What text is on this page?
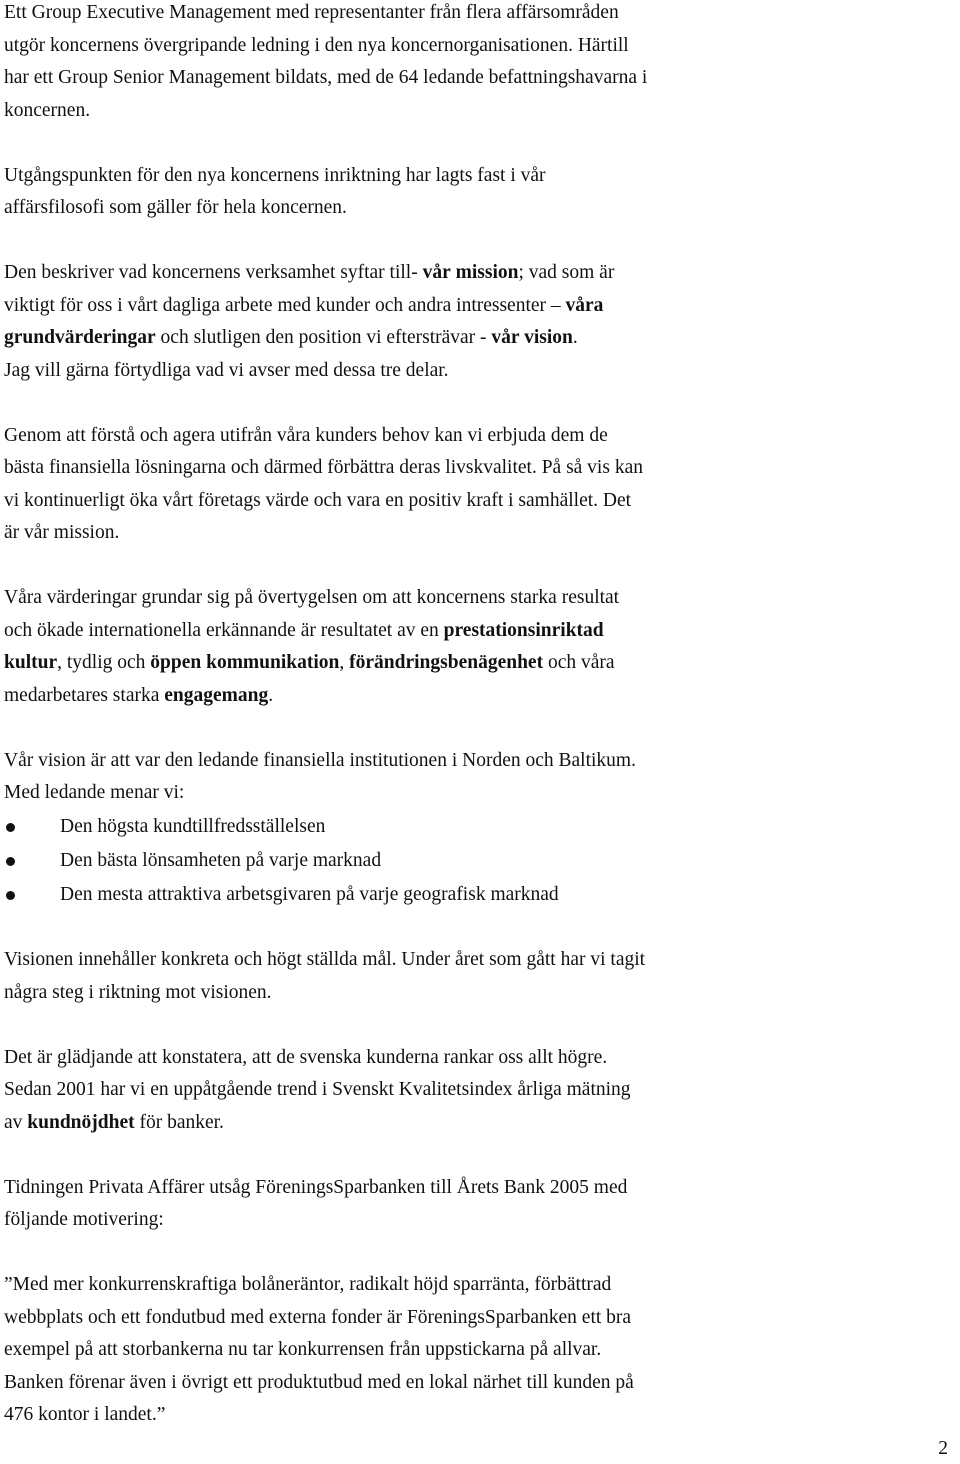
Ett Group Executive Management med representanter från flera affärsområden
utgör koncernens övergripande ledning i den nya koncernorganisationen. Härtill
har ett Group Senior Management bildats, med de 64 ledande befattningshavarna i
koncernen.

Utgångspunkten för den nya koncernens inriktning har lagts fast i vår
affärsfilosofi som gäller för hela koncernen.

Den beskriver vad koncernens verksamhet syftar till- vår mission; vad som är
viktigt för oss i vårt dagliga arbete med kunder och andra intressenter – våra
grundvärderingar och slutligen den position vi eftersträvar - vår vision.
Jag vill gärna förtydliga vad vi avser med dessa tre delar.

Genom att förstå och agera utifrån våra kunders behov kan vi erbjuda dem de
bästa finansiella lösningarna och därmed förbättra deras livskvalitet. På så vis kan
vi kontinuerligt öka vårt företags värde och vara en positiv kraft i samhället. Det
är vår mission.

Våra värderingar grundar sig på övertygelsen om att koncernens starka resultat
och ökade internationella erkännande är resultatet av en prestationsinriktad
kultur, tydlig och öppen kommunikation, förändringsbenägenhet och våra
medarbetares starka engagemang.

Vår vision är att var den ledande finansiella institutionen i Norden och Baltikum.
Med ledande menar vi:

Den högsta kundtillfredsställelsen
Den bästa lönsamheten på varje marknad
Den mesta attraktiva arbetsgivaren på varje geografisk marknad

Visionen innehåller konkreta och högt ställda mål. Under året som gått har vi tagit
några steg i riktning mot visionen.

Det är glädjande att konstatera, att de svenska kunderna rankar oss allt högre.
Sedan 2001 har vi en uppåtgående trend i Svenskt Kvalitetsindex årliga mätning
av kundnöjdhet för banker.

Tidningen Privata Affärer utsåg FöreningsSparbanken till Årets Bank 2005 med
följande motivering:

”Med mer konkurrenskraftiga bolåneräntor, radikalt höjd sparränta, förbättrad
webbplats och ett fondutbud med externa fonder är FöreningsSparbanken ett bra
exempel på att storbankerna nu tar konkurrensen från uppstickarna på allvar.
Banken förenar även i övrigt ett produktutbud med en lokal närhet till kunden på
476 kontor i landet.”

2
